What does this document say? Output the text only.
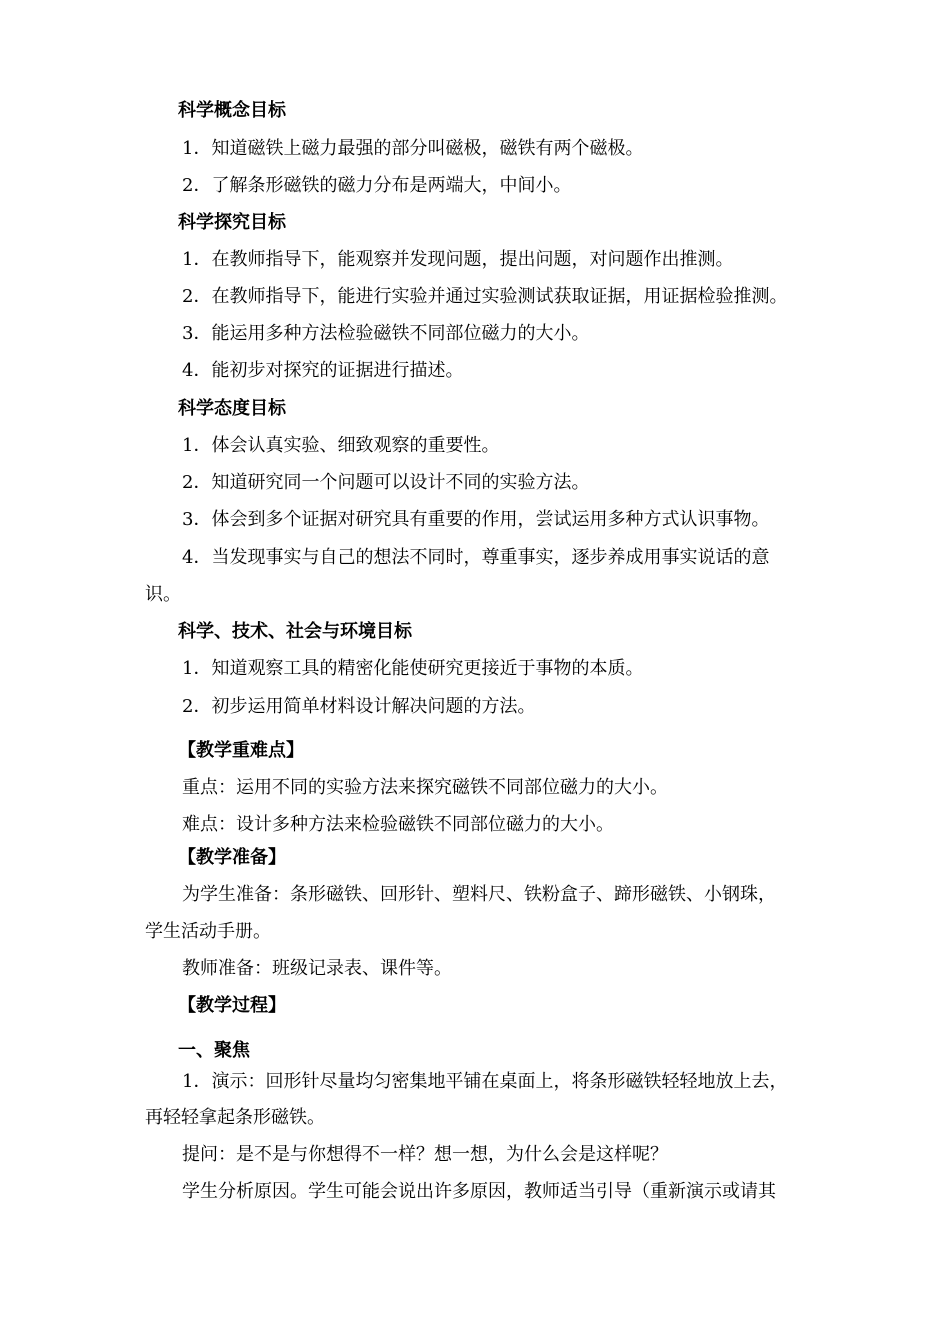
科学概念目标
1．知道磁铁上磁力最强的部分叫磁极，磁铁有两个磁极。
2．了解条形磁铁的磁力分布是两端大，中间小。
科学探究目标
1．在教师指导下，能观察并发现问题，提出问题，对问题作出推测。
2．在教师指导下，能进行实验并通过实验测试获取证据，用证据检验推测。
3．能运用多种方法检验磁铁不同部位磁力的大小。
4．能初步对探究的证据进行描述。
科学态度目标
1．体会认真实验、细致观察的重要性。
2．知道研究同一个问题可以设计不同的实验方法。
3．体会到多个证据对研究具有重要的作用，尝试运用多种方式认识事物。
4．当发现事实与自己的想法不同时，尊重事实，逐步养成用事实说话的意
识。
科学、技术、社会与环境目标
1．知道观察工具的精密化能使研究更接近于事物的本质。
2．初步运用简单材料设计解决问题的方法。
【教学重难点】
重点：运用不同的实验方法来探究磁铁不同部位磁力的大小。
难点：设计多种方法来检验磁铁不同部位磁力的大小。
【教学准备】
为学生准备：条形磁铁、回形针、塑料尺、铁粉盒子、蹄形磁铁、小钢珠，
学生活动手册。
教师准备：班级记录表、课件等。
【教学过程】
一、聚焦
1．演示：回形针尽量均匀密集地平铺在桌面上，将条形磁铁轻轻地放上去，
再轻轻拿起条形磁铁。
提问：是不是与你想得不一样？想一想，为什么会是这样呢？
学生分析原因。学生可能会说出许多原因，教师适当引导（重新演示或请其
